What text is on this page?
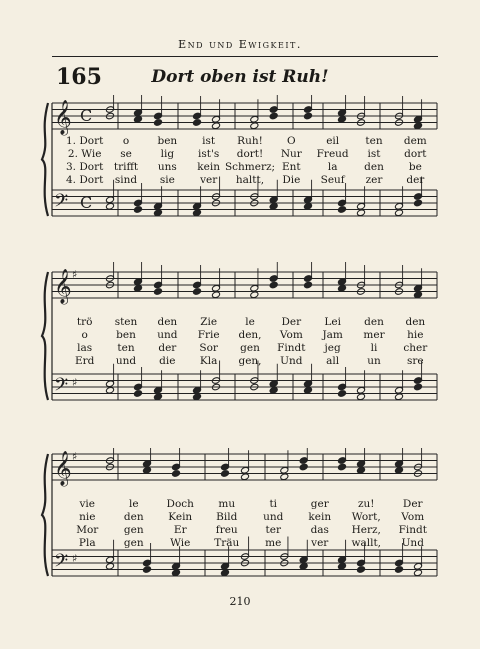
End und Ewigkeit.
165	Dort oben ist Ruh!
𝄞 C
𝄢 C
1. Dort o	ben ist Ruh! O	eil	ten dem
2. Wie se	lig ist's dort! Nur Freud ist dort
3. Dort trifft uns kein Schmerz; Ent	la	den be
4. Dort sind sie ver haltt, Die Seuf zer der
𝄞 ♯
𝄢 ♯
trö sten den Zie	le	Der Lei den den
o	ben und Frie den, Vom Jam mer hie
las ten der Sor gen Findt jeg	li cher
Erd und die Kla gen, Und all	un	sre
𝄞 ♯
𝄢 ♯
vie	le	Doch mu	ti	ger	zu!	Der
nie	den Kein Bild und kein Wort, Vom
Mor gen	Er	freu	ter	das Herz, Findt
Pla	gen	Wie Träu me	ver wallt, Und
210
